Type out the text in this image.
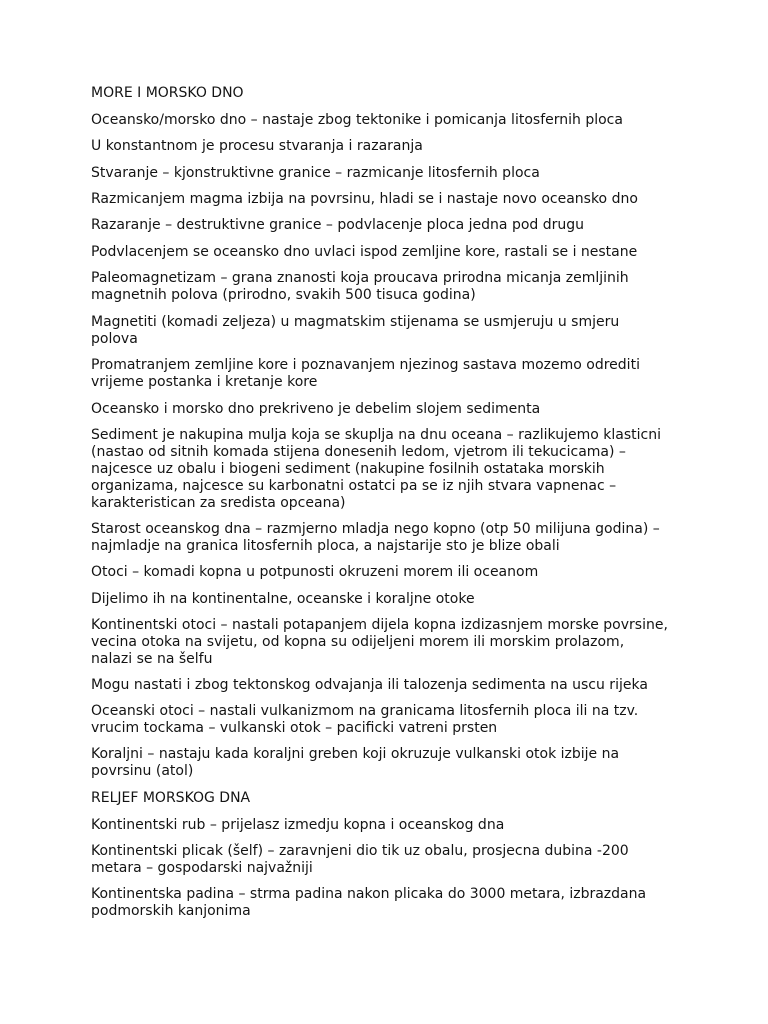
MORE I MORSKO DNO

Oceansko/morsko dno – nastaje zbog tektonike i pomicanja litosfernih ploca

U konstantnom je procesu stvaranja i razaranja

Stvaranje – kjonstruktivne granice – razmicanje litosfernih ploca

Razmicanjem magma izbija na povrsinu, hladi se i nastaje novo oceansko dno

Razaranje – destruktivne granice – podvlacenje ploca jedna pod drugu

Podvlacenjem se oceansko dno uvlaci ispod zemljine kore, rastali se i nestane

Paleomagnetizam – grana znanosti koja proucava prirodna micanja zemljinih
magnetnih polova (prirodno, svakih 500 tisuca godina)

Magnetiti (komadi zeljeza) u magmatskim stijenama se usmjeruju u smjeru
polova

Promatranjem zemljine kore i poznavanjem njezinog sastava mozemo odrediti
vrijeme postanka i kretanje kore

Oceansko i morsko dno prekriveno je debelim slojem sedimenta

Sediment je nakupina mulja koja se skuplja na dnu oceana – razlikujemo klasticni
(nastao od sitnih komada stijena donesenih ledom, vjetrom ili tekucicama) –
najcesce uz obalu i biogeni sediment (nakupine fosilnih ostataka morskih
organizama, najcesce su karbonatni ostatci pa se iz njih stvara vapnenac –
karakteristican za sredista opceana)

Starost oceanskog dna – razmjerno mladja nego kopno (otp 50 milijuna godina) –
najmladje na granica litosfernih ploca, a najstarije sto je blize obali

Otoci – komadi kopna u potpunosti okruzeni morem ili oceanom

Dijelimo ih na kontinentalne, oceanske i koraljne otoke

Kontinentski otoci – nastali potapanjem dijela kopna izdizasnjem morske povrsine,
vecina otoka na svijetu, od kopna su odijeljeni morem ili morskim prolazom,
nalazi se na šelfu

Mogu nastati i zbog tektonskog odvajanja ili talozenja sedimenta na uscu rijeka

Oceanski otoci – nastali vulkanizmom na granicama litosfernih ploca ili na tzv.
vrucim tockama – vulkanski otok – pacificki vatreni prsten

Koraljni – nastaju kada koraljni greben koji okruzuje vulkanski otok izbije na
povrsinu (atol)

RELJEF MORSKOG DNA

Kontinentski rub – prijelasz izmedju kopna i oceanskog dna

Kontinentski plicak (šelf) – zaravnjeni dio tik uz obalu, prosjecna dubina -200
metara – gospodarski najvažniji

Kontinentska padina – strma padina nakon plicaka do 3000 metara, izbrazdana
podmorskih kanjonima
